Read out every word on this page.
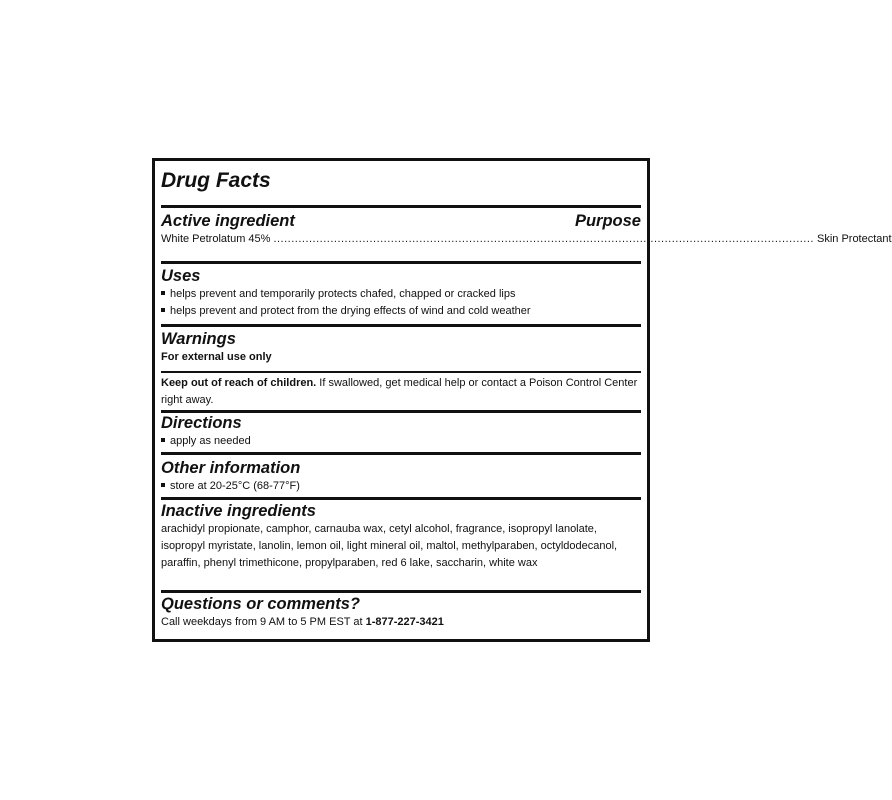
Drug Facts
Active ingredient	Purpose
White Petrolatum 45% ........................................................................................................................................................ Skin Protectant
Uses
helps prevent and temporarily protects chafed, chapped or cracked lips
helps prevent and protect from the drying effects of wind and cold weather
Warnings
For external use only
Keep out of reach of children. If swallowed, get medical help or contact a Poison Control Center right away.
Directions
apply as needed
Other information
store at 20-25°C (68-77°F)
Inactive ingredients
arachidyl propionate, camphor, carnauba wax, cetyl alcohol, fragrance, isopropyl lanolate, isopropyl myristate, lanolin, lemon oil, light mineral oil, maltol, methylparaben, octyldodecanol, paraffin, phenyl trimethicone, propylparaben, red 6 lake, saccharin, white wax
Questions or comments?
Call weekdays from 9 AM to 5 PM EST at 1-877-227-3421
